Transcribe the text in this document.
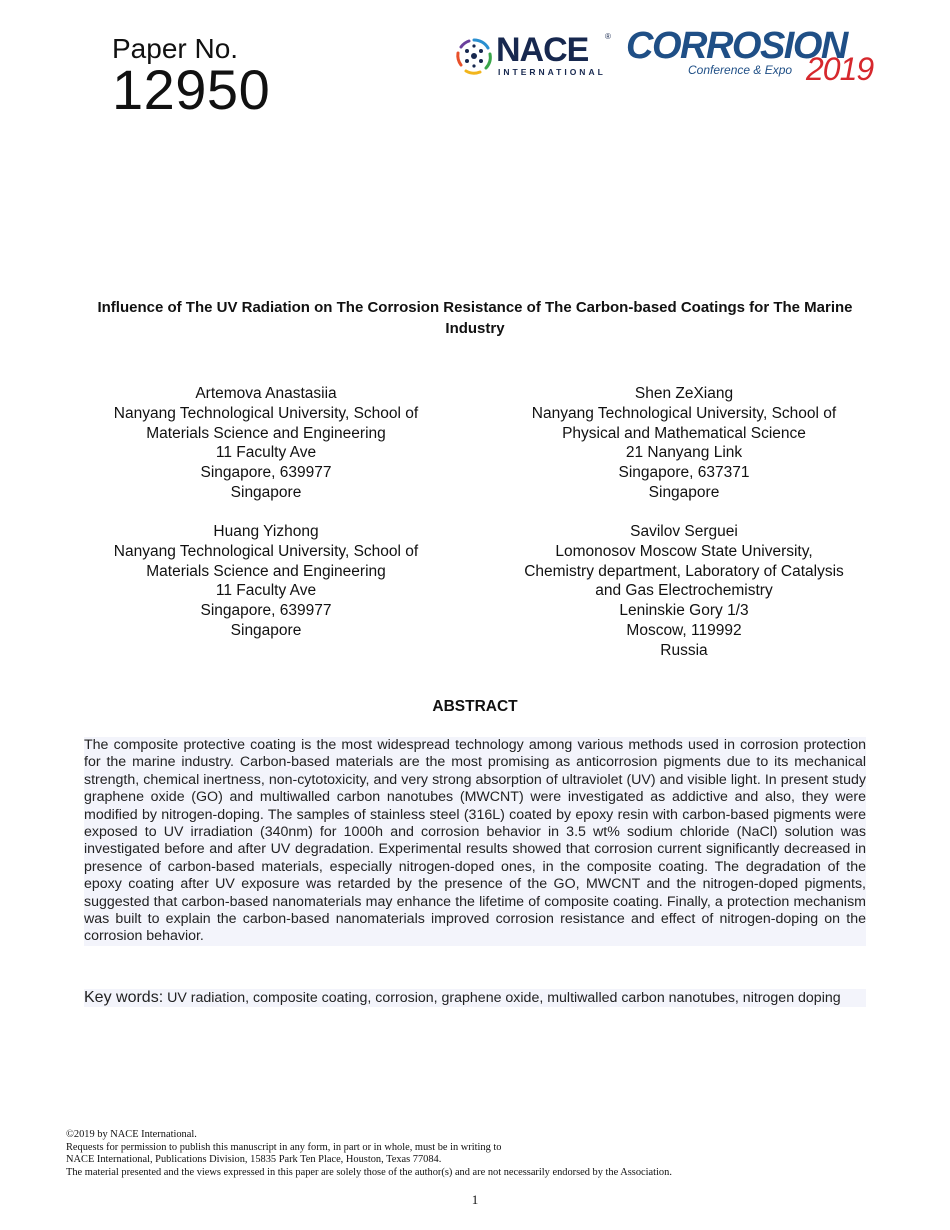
Paper No.
12950
NACE ®
INTERNATIONAL
CORROSION
Conference & Expo 2019
Influence of The UV Radiation on The Corrosion Resistance of The Carbon-based Coatings for The Marine Industry
Artemova Anastasiia
Nanyang Technological University, School of
Materials Science and Engineering
11 Faculty Ave
Singapore, 639977
Singapore
Shen ZeXiang
Nanyang Technological University, School of
Physical and Mathematical Science
21 Nanyang Link
Singapore, 637371
Singapore
Huang Yizhong
Nanyang Technological University, School of
Materials Science and Engineering
11 Faculty Ave
Singapore, 639977
Singapore
Savilov Serguei
Lomonosov Moscow State University,
Chemistry department, Laboratory of Catalysis
and Gas Electrochemistry
Leninskie Gory 1/3
Moscow, 119992
Russia
ABSTRACT
The composite protective coating is the most widespread technology among various methods used in corrosion protection for the marine industry. Carbon-based materials are the most promising as anticorrosion pigments due to its mechanical strength, chemical inertness, non-cytotoxicity, and very strong absorption of ultraviolet (UV) and visible light. In present study graphene oxide (GO) and multiwalled carbon nanotubes (MWCNT) were investigated as addictive and also, they were modified by nitrogen-doping. The samples of stainless steel (316L) coated by epoxy resin with carbon-based pigments were exposed to UV irradiation (340nm) for 1000h and corrosion behavior in 3.5 wt% sodium chloride (NaCl) solution was investigated before and after UV degradation. Experimental results showed that corrosion current significantly decreased in presence of carbon-based materials, especially nitrogen-doped ones, in the composite coating. The degradation of the epoxy coating after UV exposure was retarded by the presence of the GO, MWCNT and the nitrogen-doped pigments, suggested that carbon-based nanomaterials may enhance the lifetime of composite coating. Finally, a protection mechanism was built to explain the carbon-based nanomaterials improved corrosion resistance and effect of nitrogen-doping on the corrosion behavior.
Key words: UV radiation, composite coating, corrosion, graphene oxide, multiwalled carbon nanotubes, nitrogen doping
©2019 by NACE International.
Requests for permission to publish this manuscript in any form, in part or in whole, must be in writing to
NACE International, Publications Division, 15835 Park Ten Place, Houston, Texas 77084.
The material presented and the views expressed in this paper are solely those of the author(s) and are not necessarily endorsed by the Association.
1
